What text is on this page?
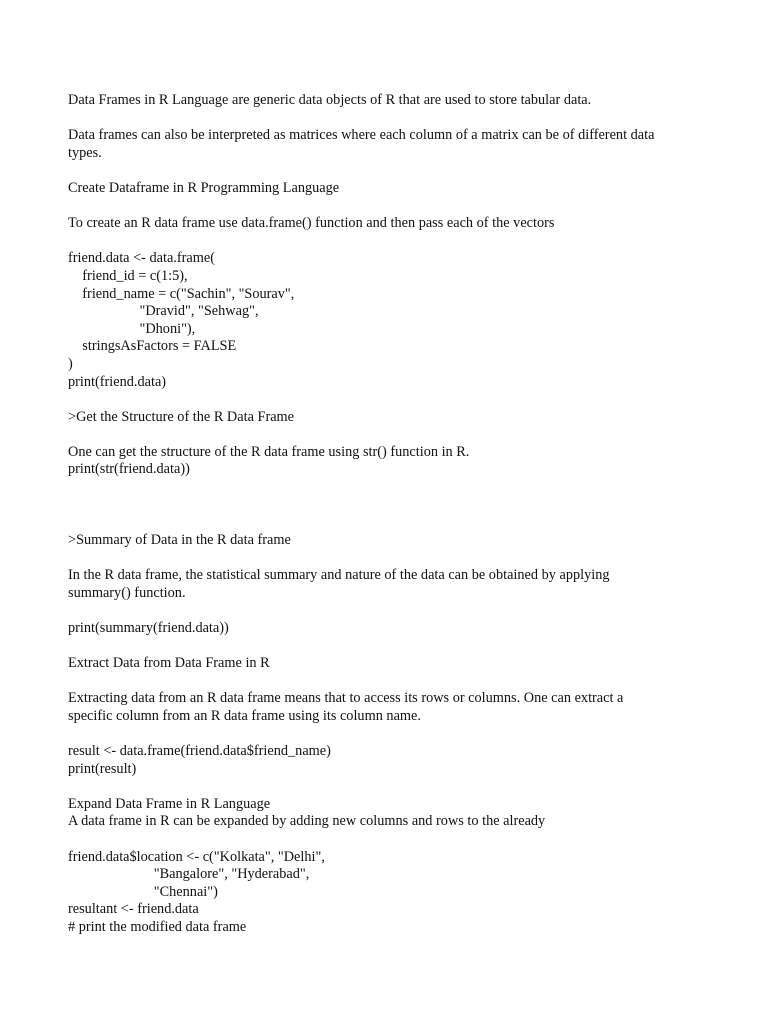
Data Frames in R Language are generic data objects of R that are used to store tabular data.
Data frames can also be interpreted as matrices where each column of a matrix can be of different data
types.
Create Dataframe in R Programming Language
To create an R data frame use data.frame() function and then pass each of the vectors
friend.data <- data.frame(
friend_id = c(1:5),
friend_name = c("Sachin", "Sourav",
"Dravid", "Sehwag",
"Dhoni"),
stringsAsFactors = FALSE
)
print(friend.data)
>Get the Structure of the R Data Frame
One can get the structure of the R data frame using str() function in R.
print(str(friend.data))
>Summary of Data in the R data frame
In the R data frame, the statistical summary and nature of the data can be obtained by applying
summary() function.
print(summary(friend.data))
Extract Data from Data Frame in R
Extracting data from an R data frame means that to access its rows or columns. One can extract a
specific column from an R data frame using its column name.
result <- data.frame(friend.data$friend_name)
print(result)
Expand Data Frame in R Language
A data frame in R can be expanded by adding new columns and rows to the already
friend.data$location <- c("Kolkata", "Delhi",
"Bangalore", "Hyderabad",
"Chennai")
resultant <- friend.data
# print the modified data frame
